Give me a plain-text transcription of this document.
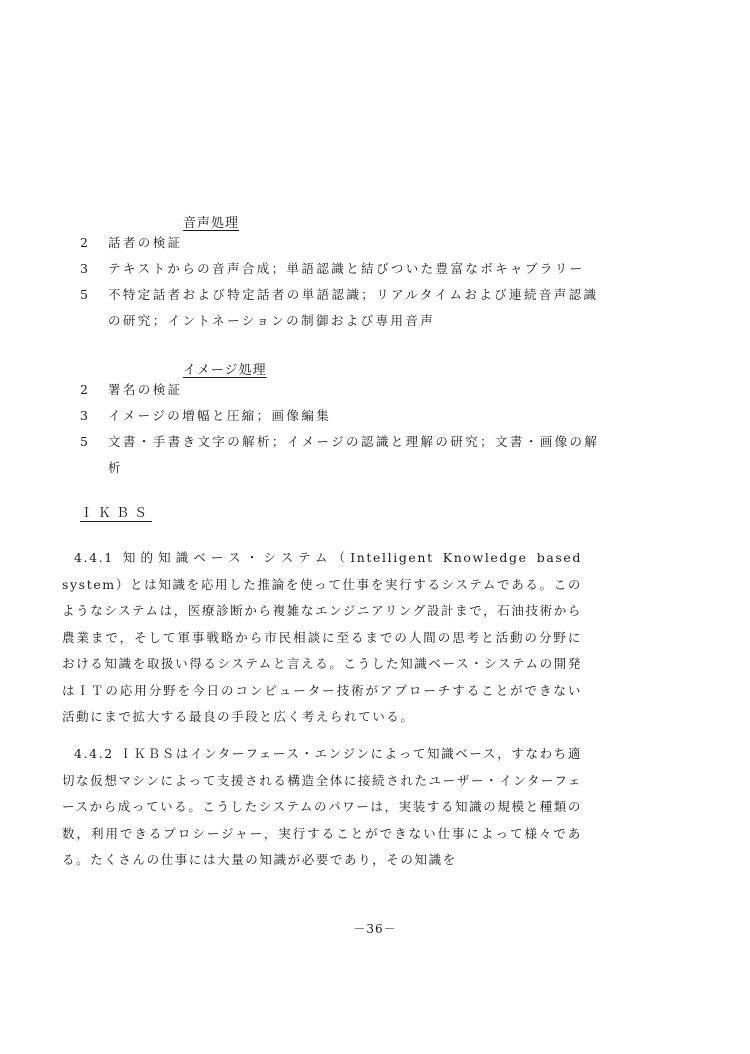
音声処理
2	話者の検証
3	テキストからの音声合成；単語認識と結びついた豊富なボキャブラリー
5	不特定話者および特定話者の単語認識；リアルタイムおよび連続音声認識の研究；イントネーションの制御および専用音声
イメージ処理
2	署名の検証
3	イメージの増幅と圧縮；画像編集
5	文書・手書き文字の解析；イメージの認識と理解の研究；文書・画像の解析
ＩＫＢＳ
4.4.1 知的知識ベース・システム（Intelligent Knowledge based system）とは知識を応用した推論を使って仕事を実行するシステムである。このようなシステムは，医療診断から複雑なエンジニアリング設計まで，石油技術から農業まで，そして軍事戦略から市民相談に至るまでの人間の思考と活動の分野における知識を取扱い得るシステムと言える。こうした知識ベース・システムの開発はＩＴの応用分野を今日のコンピューター技術がアプローチすることができない活動にまで拡大する最良の手段と広く考えられている。
4.4.2 ＩＫＢＳはインターフェース・エンジンによって知識ベース，すなわち適切な仮想マシンによって支援される構造全体に接続されたユーザー・インターフェースから成っている。こうしたシステムのパワーは，実装する知識の規模と種類の数，利用できるプロシージャー，実行することができない仕事によって様々である。たくさんの仕事には大量の知識が必要であり，その知識を
－36－
